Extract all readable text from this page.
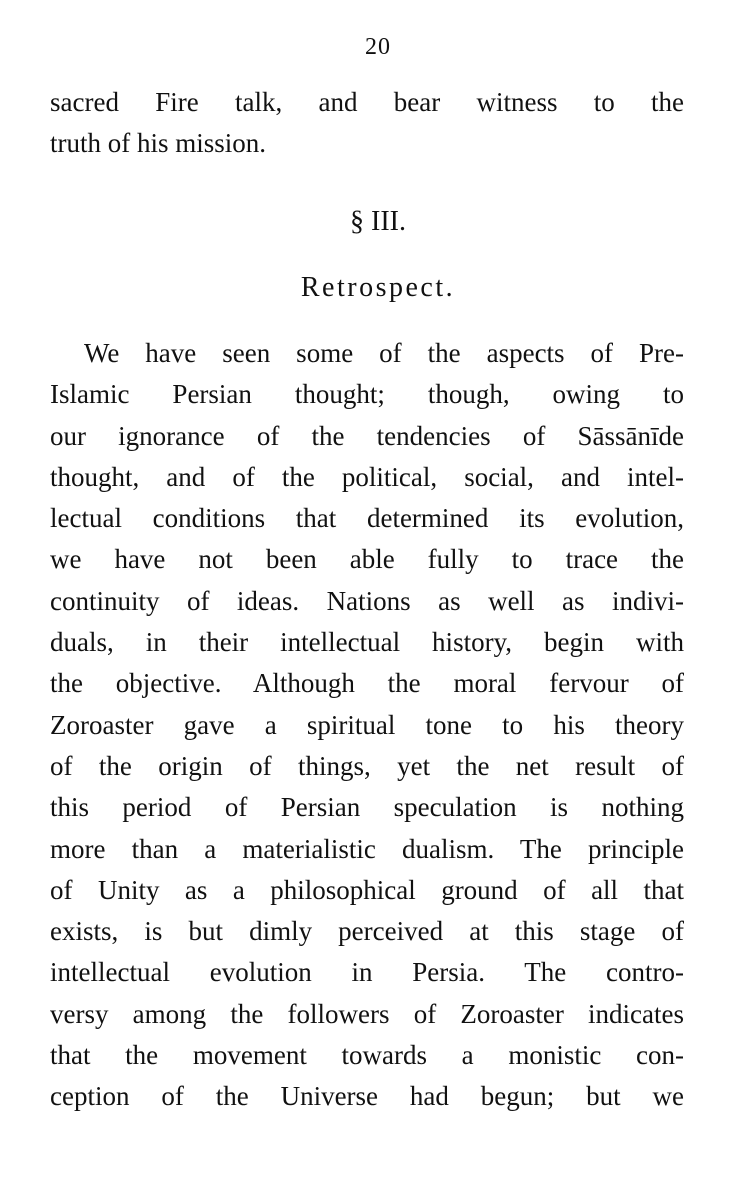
20
sacred Fire talk, and bear witness to the
truth of his mission.
§ III.
Retrospect.
We have seen some of the aspects of Pre-
Islamic Persian thought; though, owing to
our ignorance of the tendencies of Sāssānīde
thought, and of the political, social, and intel-
lectual conditions that determined its evolution,
we have not been able fully to trace the
continuity of ideas. Nations as well as indivi-
duals, in their intellectual history, begin with
the objective. Although the moral fervour of
Zoroaster gave a spiritual tone to his theory
of the origin of things, yet the net result of
this period of Persian speculation is nothing
more than a materialistic dualism. The principle
of Unity as a philosophical ground of all that
exists, is but dimly perceived at this stage of
intellectual evolution in Persia. The contro-
versy among the followers of Zoroaster indicates
that the movement towards a monistic con-
ception of the Universe had begun; but we
